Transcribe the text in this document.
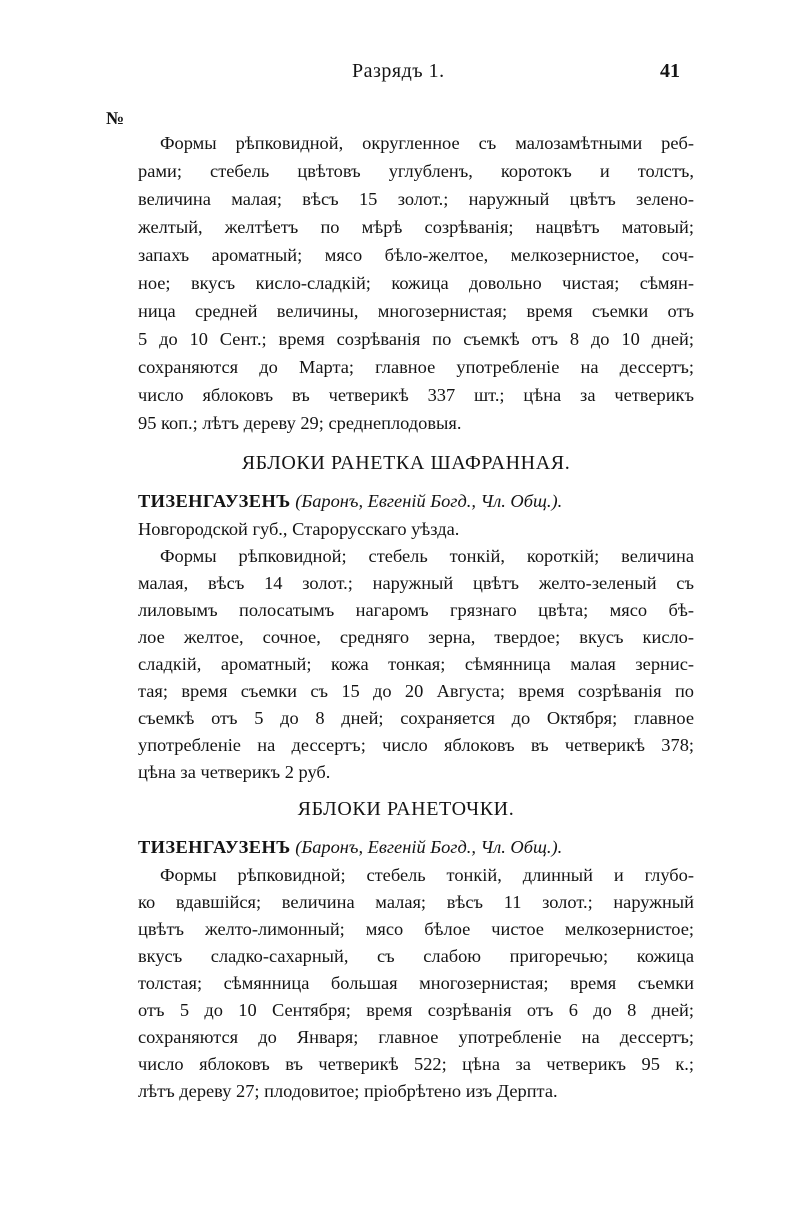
Разрядъ 1.	41
№
Формы рѣпковидной, округленное съ малозамѣтными реб-
рами; стебель цвѣтовъ углубленъ, коротокъ и толстъ,
величина малая; вѣсъ 15 золот.; наружный цвѣтъ зелено-
желтый, желтѣетъ по мѣрѣ созрѣванія; нацвѣтъ матовый;
запахъ ароматный; мясо бѣло-желтое, мелкозернистое, соч-
ное; вкусъ кисло-сладкій; кожица довольно чистая; сѣмян-
ница средней величины, многозернистая; время съемки отъ
5 до 10 Сент.; время созрѣванія по съемкѣ отъ 8 до 10 дней;
сохраняются до Марта; главное употребленіе на дессертъ;
число яблоковъ въ четверикѣ 337 шт.; цѣна за четверикъ
95 коп.; лѣтъ дереву 29; среднеплодовыя.
ЯБЛОКИ РАНЕТКА ШАФРАННАЯ.
ТИЗЕНГАУЗЕНЪ (Баронъ, Евгеній Богд., Чл. Общ.).
Новгородской губ., Старорусскаго уѣзда.
Формы рѣпковидной; стебель тонкій, короткій; величина
малая, вѣсъ 14 золот.; наружный цвѣтъ желто-зеленый съ
лиловымъ полосатымъ нагаромъ грязнаго цвѣта; мясо бѣ-
лое желтое, сочное, средняго зерна, твердое; вкусъ кисло-
сладкій, ароматный; кожа тонкая; сѣмянница малая зернис-
тая; время съемки съ 15 до 20 Августа; время созрѣванія по
съемкѣ отъ 5 до 8 дней; сохраняется до Октября; главное
употребленіе на дессертъ; число яблоковъ въ четверикѣ 378;
цѣна за четверикъ 2 руб.
ЯБЛОКИ РАНЕТОЧКИ.
ТИЗЕНГАУЗЕНЪ (Баронъ, Евгеній Богд., Чл. Общ.).
Формы рѣпковидной; стебель тонкій, длинный и глубо-
ко вдавшійся; величина малая; вѣсъ 11 золот.; наружный
цвѣтъ желто-лимонный; мясо бѣлое чистое мелкозернистое;
вкусъ сладко-сахарный, съ слабою пригоречью; кожица
толстая; сѣмянница большая многозернистая; время съемки
отъ 5 до 10 Сентября; время созрѣванія отъ 6 до 8 дней;
сохраняются до Января; главное употребленіе на дессертъ;
число яблоковъ въ четверикѣ 522; цѣна за четверикъ 95 к.;
лѣтъ дереву 27; плодовитое; пріобрѣтено изъ Дерпта.
